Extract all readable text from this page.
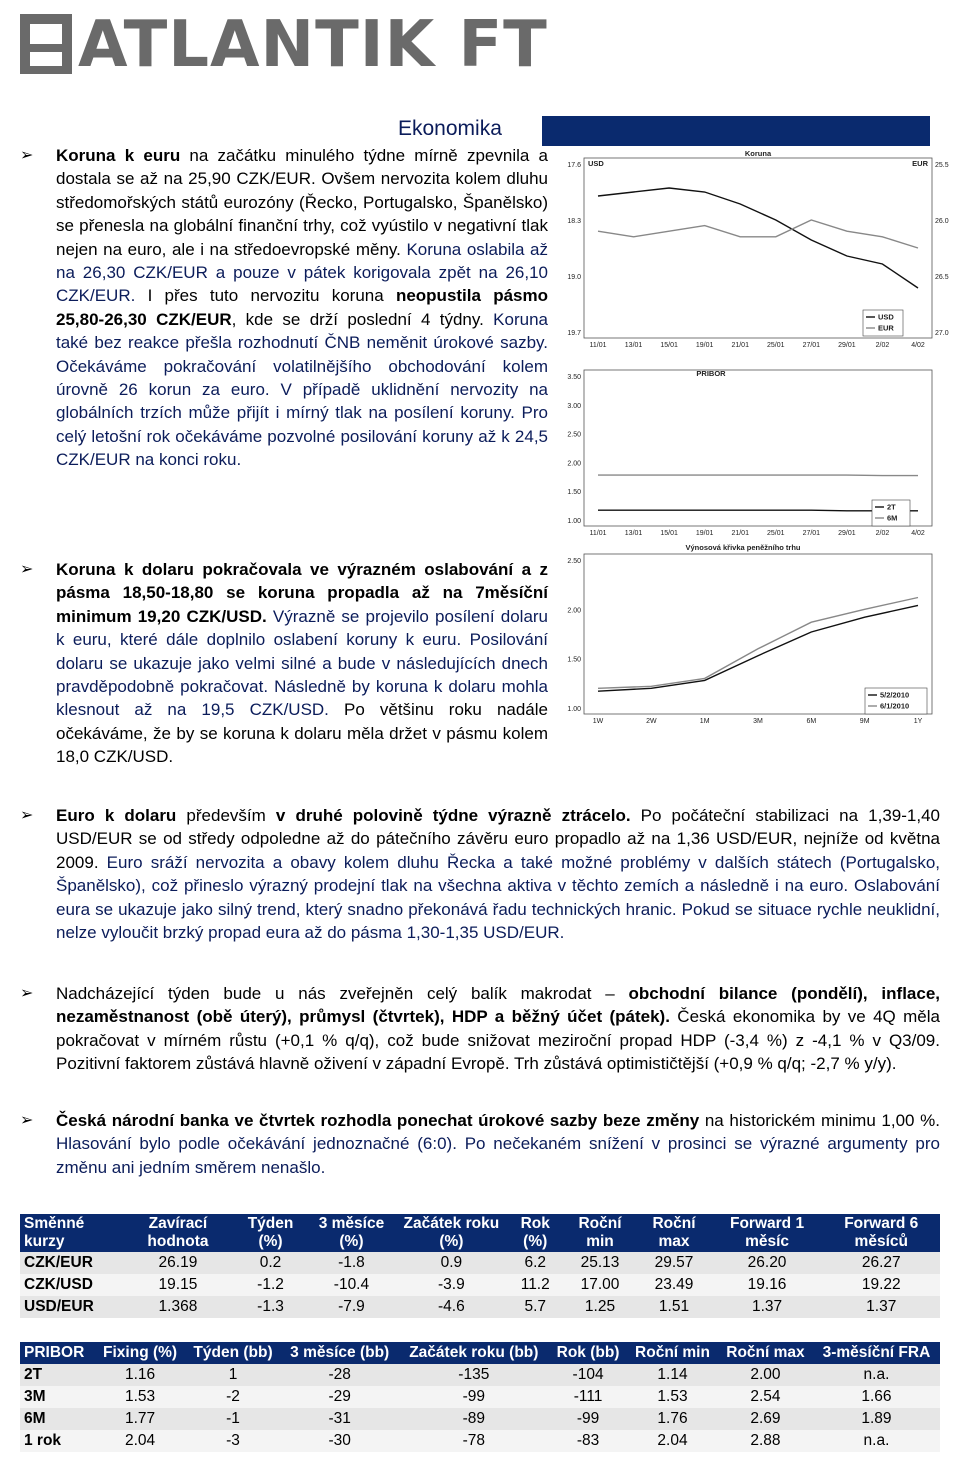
ATLANTIK FT
Ekonomika

➢ Koruna k euru na začátku minulého týdne mírně zpevnila a dostala se až na 25,90 CZK/EUR. Ovšem nervozita kolem dluhu středomořských států eurozóny (Řecko, Portugalsko, Španělsko) se přenesla na globální finanční trhy, což vyústilo v negativní tlak nejen na euro, ale i na středoevropské měny. Koruna oslabila až na 26,30 CZK/EUR a pouze v pátek korigovala zpět na 26,10 CZK/EUR. I přes tuto nervozitu koruna neopustila pásmo 25,80-26,30 CZK/EUR, kde se drží poslední 4 týdny. Koruna také bez reakce přešla rozhodnutí ČNB neměnit úrokové sazby. Očekáváme pokračování volatilnějšího obchodování kolem úrovně 26 korun za euro. V případě uklidnění nervozity na globálních trzích může přijít i mírný tlak na posílení koruny. Pro celý letošní rok očekáváme pozvolné posilování koruny až k 24,5 CZK/EUR na konci roku.

➢ Koruna k dolaru pokračovala ve výrazném oslabování a z pásma 18,50-18,80 se koruna propadla až na 7měsíční minimum 19,20 CZK/USD. Výrazně se projevilo posílení dolaru k euru, které dále doplnilo oslabení koruny k euru. Posilování dolaru se ukazuje jako velmi silné a bude v následujících dnech pravděpodobně pokračovat. Následně by koruna k dolaru mohla klesnout až na 19,5 CZK/USD. Po většinu roku nadále očekáváme, že by se koruna k dolaru měla držet v pásmu kolem 18,0 CZK/USD.

➢ Euro k dolaru především v druhé polovině týdne výrazně ztrácelo. Po počáteční stabilizaci na 1,39-1,40 USD/EUR se od středy odpoledne až do pátečního závěru euro propadlo až na 1,36 USD/EUR, nejníže od května 2009. Euro sráží nervozita a obavy kolem dluhu Řecka a také možné problémy v dalších státech (Portugalsko, Španělsko), což přineslo výrazný prodejní tlak na všechna aktiva v těchto zemích a následně i na euro. Oslabování eura se ukazuje jako silný trend, který snadno překonává řadu technických hranic. Pokud se situace rychle neuklidní, nelze vyloučit brzký propad eura až do pásma 1,30-1,35 USD/EUR.

➢ Nadcházející týden bude u nás zveřejněn celý balík makrodat – obchodní bilance (pondělí), inflace, nezaměstnanost (obě úterý), průmysl (čtvrtek), HDP a běžný účet (pátek). Česká ekonomika by ve 4Q měla pokračovat v mírném růstu (+0,1 % q/q), což bude snižovat meziroční propad HDP (-3,4 %) z -4,1 % v Q3/09. Pozitivní faktorem zůstává hlavně oživení v západní Evropě. Trh zůstává optimističtější (+0,9 % q/q; -2,7 % y/y).

➢ Česká národní banka ve čtvrtek rozhodla ponechat úrokové sazby beze změny na historickém minimu 1,00 %. Hlasování bylo podle očekávání jednoznačné (6:0). Po nečekaném snížení v prosinci se výrazné argumenty pro změnu ani jedním směrem nenašlo.

11/01	13/01	15/01	19/01	21/01	25/01	27/01	29/01	2/02	4/02
Koruna
17.6
18.3
19.0
19.7
25.5
26.0
26.5
27.0
USD	EUR
USD
EUR
11/01	13/01	15/01	19/01	21/01	25/01	27/01	29/01	2/02	4/02
PRIBOR
1.00
1.50
2.00
2.50
3.00
3.50
2T
6M
1W	2W	1M	3M	6M	9M	1Y
Výnosová křivka peněžního trhu
1.00
1.50
2.00
2.50
5/2/2010
6/1/2010
Směnné kurzy	Zavírací hodnota	Týden (%)	3 měsíce (%)	Začátek roku (%)	Rok (%)	Roční min	Roční max	Forward 1 měsíc	Forward 6 měsíců
CZK/EUR	26.19	0.2	-1.8	0.9	6.2	25.13	29.57	26.20	26.27
CZK/USD	19.15	-1.2	-10.4	-3.9	11.2	17.00	23.49	19.16	19.22
USD/EUR	1.368	-1.3	-7.9	-4.6	5.7	1.25	1.51	1.37	1.37
PRIBOR	Fixing (%)	Týden (bb)	3 měsíce (bb)	Začátek roku (bb)	Rok (bb)	Roční min	Roční max	3-měsíční FRA
2T	1.16	1	-28	-135	-104	1.14	2.00	n.a.
3M	1.53	-2	-29	-99	-111	1.53	2.54	1.66
6M	1.77	-1	-31	-89	-99	1.76	2.69	1.89
1 rok	2.04	-3	-30	-78	-83	2.04	2.88	n.a.
